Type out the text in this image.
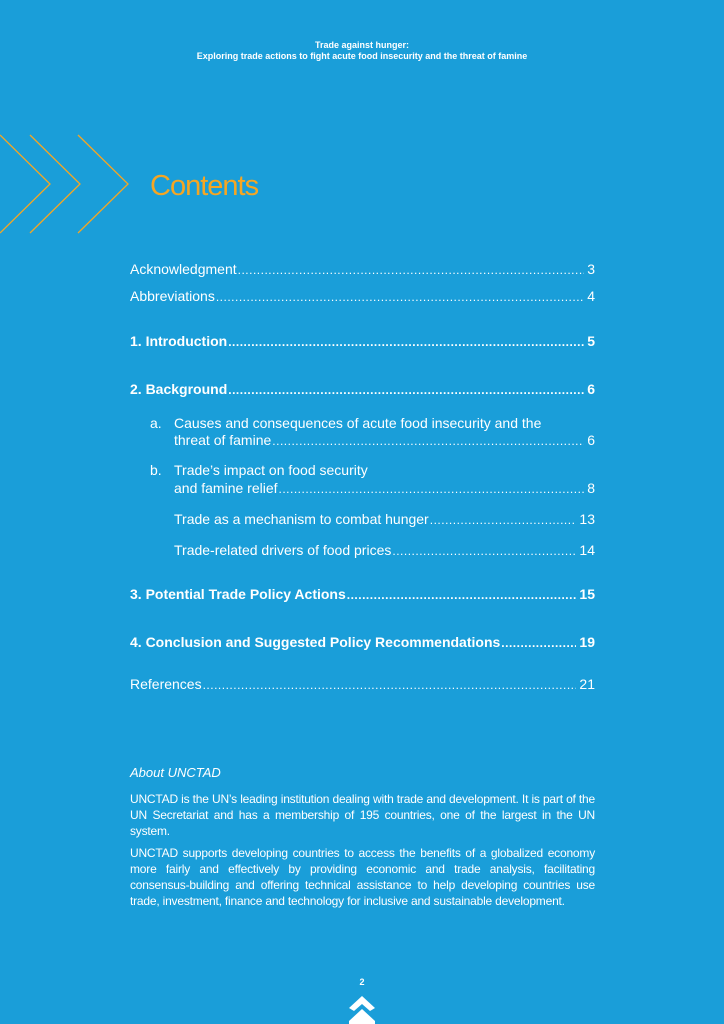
Trade against hunger:
Exploring trade actions to fight acute food insecurity and the threat of famine
Contents
Acknowledgment .....	3
Abbreviations .....	4
1. Introduction .....	5
2. Background .....	6
a. Causes and consequences of acute food insecurity and the
threat of famine .....	6
b. Trade’s impact on food security
and famine relief .....	8
Trade as a mechanism to combat hunger .....	13
Trade-related drivers of food prices .....	14
3. Potential Trade Policy Actions .....	15
4. Conclusion and Suggested Policy Recommendations .....	19
References .....	21
About UNCTAD

UNCTAD is the UN’s leading institution dealing with trade and development. It is part of the UN Secretariat and has a membership of 195 countries, one of the largest in the UN system.

UNCTAD supports developing countries to access the benefits of a globalized economy more fairly and effectively by providing economic and trade analysis, facilitating consensus-building and offering technical assistance to help developing countries use trade, investment, finance and technology for inclusive and sustainable development.

2
